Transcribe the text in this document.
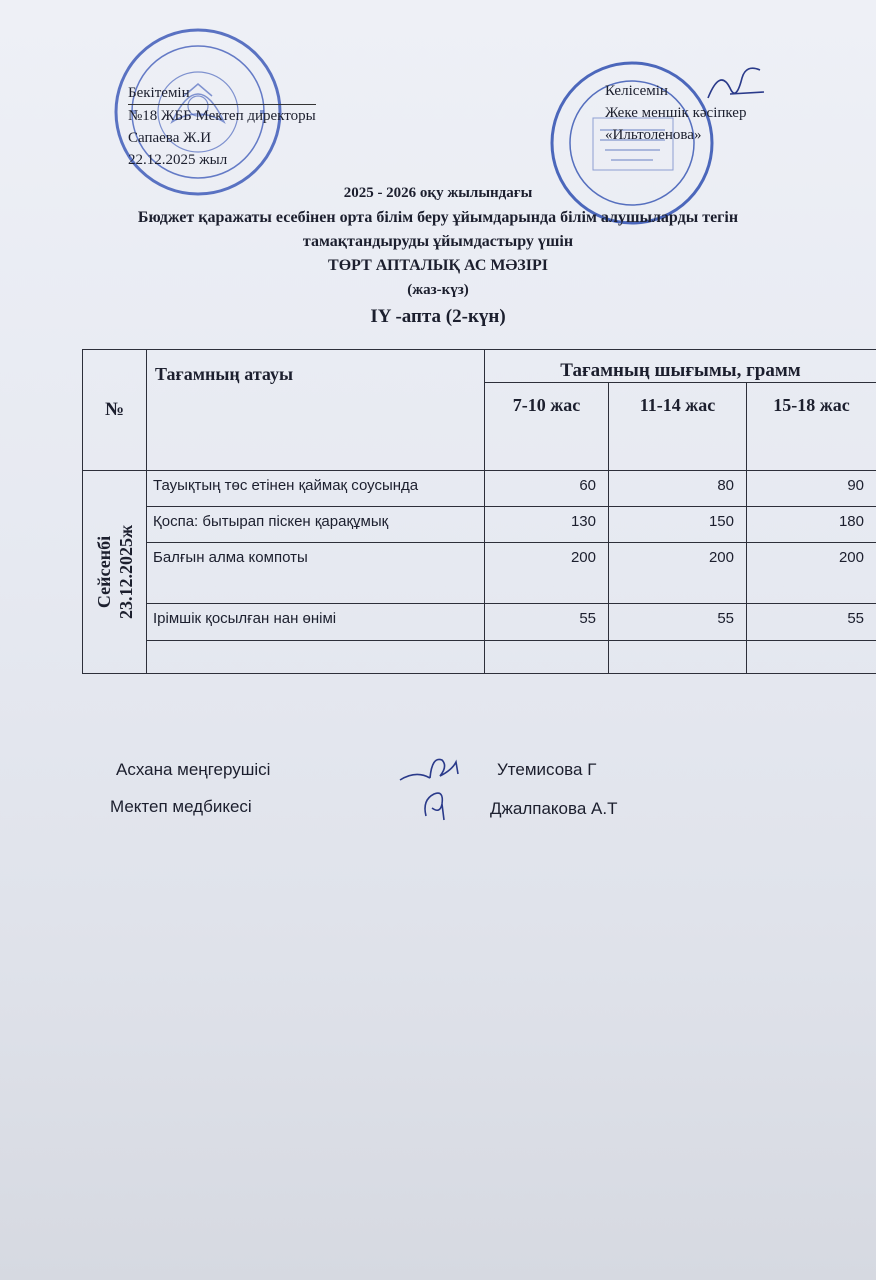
Бекітемін
№18 ЖББ Мектеп директоры
Сапаева Ж.И
22.12.2025 жыл
Келісемін
Жеке меншік кәсіпкер
«Ильтоленова»
2025 - 2026 оқу жылындағы
Бюджет қаражаты есебінен орта білім беру ұйымдарында білім алушыларды тегін
тамақтандыруды ұйымдастыру үшін
ТӨРТ АПТАЛЫҚ АС МӘЗІРІ
(жаз-күз)
IY -апта (2-күн)
№	Тағамның атауы	Тағамның шығымы, грамм		
		7-10 жас	11-14 жас	15-18 жас

Сейсенбі 23.12.2025ж	Тауықтың төс етінен қаймақ соусында	60	80	90
	Қоспа: бытырап піскен қарақұмық	130	150	180
	Балғын алма компоты	200	200	200
	Ірімшік қосылған нан өнімі	55	55	55

Асхана меңгерушісі	Утемисова Г
Мектеп медбикесі	Джалпакова А.Т
